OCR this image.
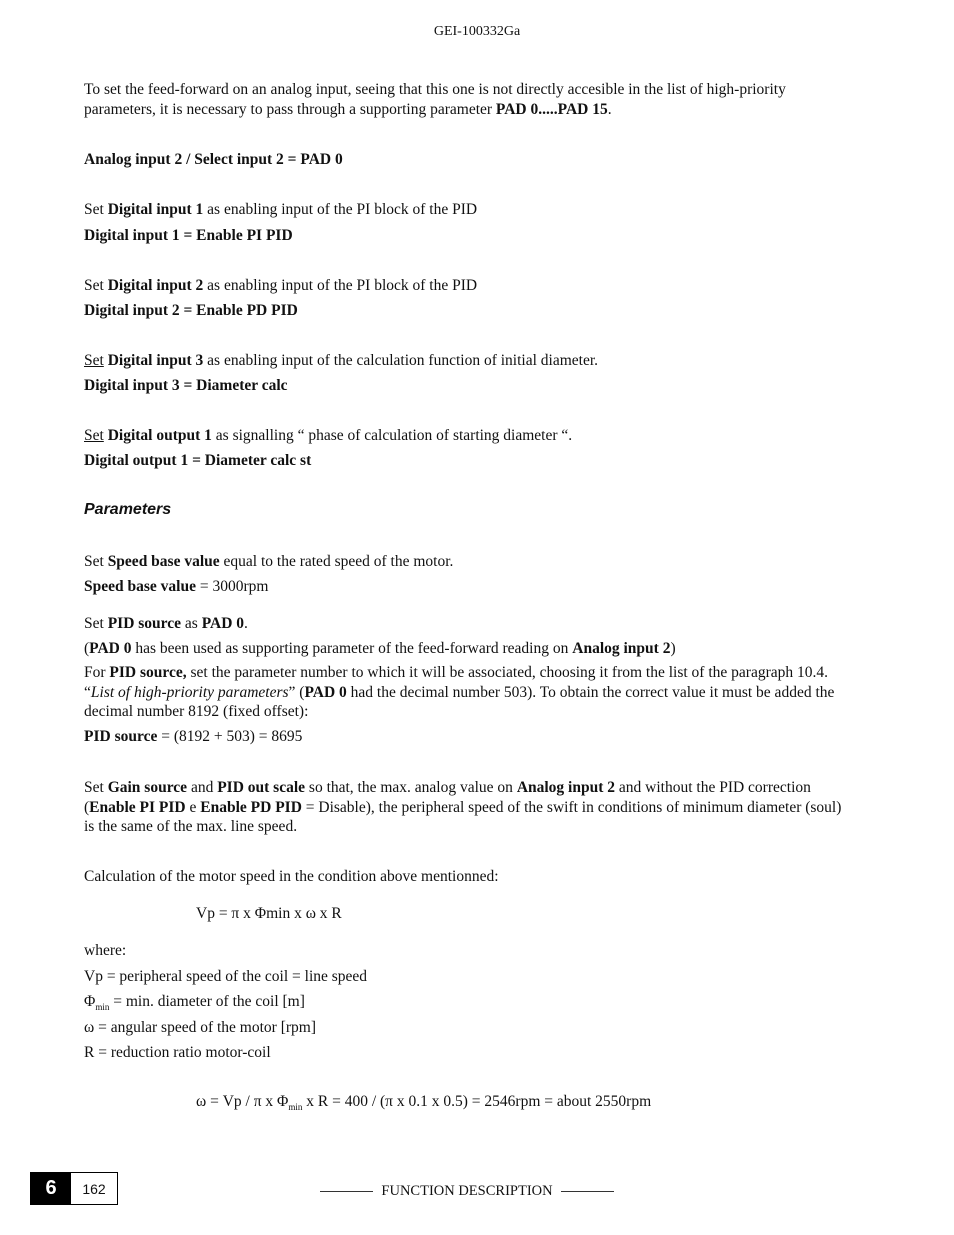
GEI-100332Ga
To set the feed-forward on an analog input, seeing that this one is not directly accesible in the list of high-priority parameters, it is necessary to pass through a supporting parameter PAD 0.....PAD 15.
Analog input 2 / Select input 2 = PAD 0
Set Digital input 1 as enabling input of the PI block of the PID
Digital input 1 = Enable PI PID
Set Digital input 2 as enabling input of the PI block of the PID
Digital input 2 = Enable PD PID
Set Digital input 3 as enabling input of the calculation function of initial diameter.
Digital input 3 = Diameter calc
Set Digital output 1 as signalling “ phase of calculation of starting diameter “.
Digital output 1 = Diameter calc st
Parameters
Set Speed base value equal to the rated speed of the motor.
Speed base value = 3000rpm
Set PID source as PAD 0.
(PAD 0 has been used as supporting parameter of the feed-forward reading on Analog input 2)
For PID source, set the parameter number to which it will be associated, choosing it from the list of the paragraph 10.4. “List of high-priority parameters” (PAD 0 had the decimal number 503). To obtain the correct value it must be added the decimal number 8192 (fixed offset):
PID source = (8192 + 503) = 8695
Set Gain source and PID out scale so that, the max. analog value on Analog input 2 and without the PID correction (Enable PI PID e Enable PD PID = Disable), the peripheral speed of the swift in conditions of minimum diameter (soul) is the same of the max. line speed.
Calculation of the motor speed in the condition above mentionned:
Vp = π x Φmin x ω x R
where:
Vp = peripheral speed of the coil = line speed
$\Phi_{min} = \min$. diameter of the coil [m]
ω = angular speed of the motor [rpm]
R = reduction ratio motor-coil
ω = Vp / π x $\Phi_{min}$ x R = 400 / (π x 0.1 x 0.5) = 2546rpm = about 2550rpm
6	162	FUNCTION DESCRIPTION
